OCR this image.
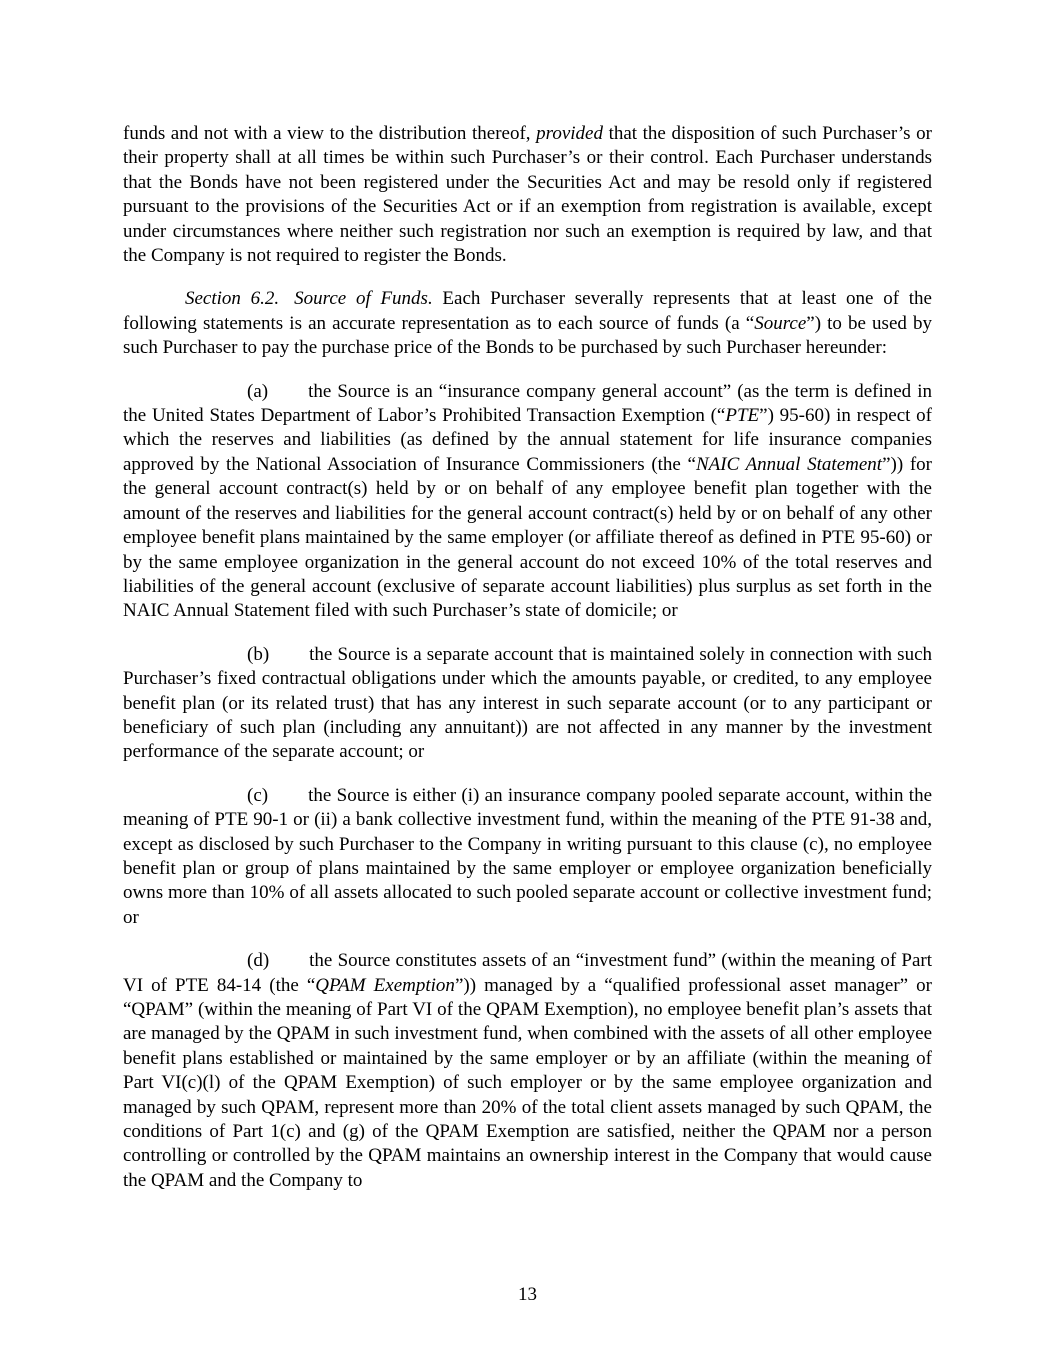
funds and not with a view to the distribution thereof, provided that the disposition of such Purchaser’s or their property shall at all times be within such Purchaser’s or their control. Each Purchaser understands that the Bonds have not been registered under the Securities Act and may be resold only if registered pursuant to the provisions of the Securities Act or if an exemption from registration is available, except under circumstances where neither such registration nor such an exemption is required by law, and that the Company is not required to register the Bonds.

Section 6.2. Source of Funds. Each Purchaser severally represents that at least one of the following statements is an accurate representation as to each source of funds (a “Source”) to be used by such Purchaser to pay the purchase price of the Bonds to be purchased by such Purchaser hereunder:

(a) the Source is an “insurance company general account” (as the term is defined in the United States Department of Labor’s Prohibited Transaction Exemption (“PTE”) 95-60) in respect of which the reserves and liabilities (as defined by the annual statement for life insurance companies approved by the National Association of Insurance Commissioners (the “NAIC Annual Statement”)) for the general account contract(s) held by or on behalf of any employee benefit plan together with the amount of the reserves and liabilities for the general account contract(s) held by or on behalf of any other employee benefit plans maintained by the same employer (or affiliate thereof as defined in PTE 95-60) or by the same employee organization in the general account do not exceed 10% of the total reserves and liabilities of the general account (exclusive of separate account liabilities) plus surplus as set forth in the NAIC Annual Statement filed with such Purchaser’s state of domicile; or

(b) the Source is a separate account that is maintained solely in connection with such Purchaser’s fixed contractual obligations under which the amounts payable, or credited, to any employee benefit plan (or its related trust) that has any interest in such separate account (or to any participant or beneficiary of such plan (including any annuitant)) are not affected in any manner by the investment performance of the separate account; or

(c) the Source is either (i) an insurance company pooled separate account, within the meaning of PTE 90-1 or (ii) a bank collective investment fund, within the meaning of the PTE 91-38 and, except as disclosed by such Purchaser to the Company in writing pursuant to this clause (c), no employee benefit plan or group of plans maintained by the same employer or employee organization beneficially owns more than 10% of all assets allocated to such pooled separate account or collective investment fund; or

(d) the Source constitutes assets of an “investment fund” (within the meaning of Part VI of PTE 84-14 (the “QPAM Exemption”)) managed by a “qualified professional asset manager” or “QPAM” (within the meaning of Part VI of the QPAM Exemption), no employee benefit plan’s assets that are managed by the QPAM in such investment fund, when combined with the assets of all other employee benefit plans established or maintained by the same employer or by an affiliate (within the meaning of Part VI(c)(l) of the QPAM Exemption) of such employer or by the same employee organization and managed by such QPAM, represent more than 20% of the total client assets managed by such QPAM, the conditions of Part 1(c) and (g) of the QPAM Exemption are satisfied, neither the QPAM nor a person controlling or controlled by the QPAM maintains an ownership interest in the Company that would cause the QPAM and the Company to

13
